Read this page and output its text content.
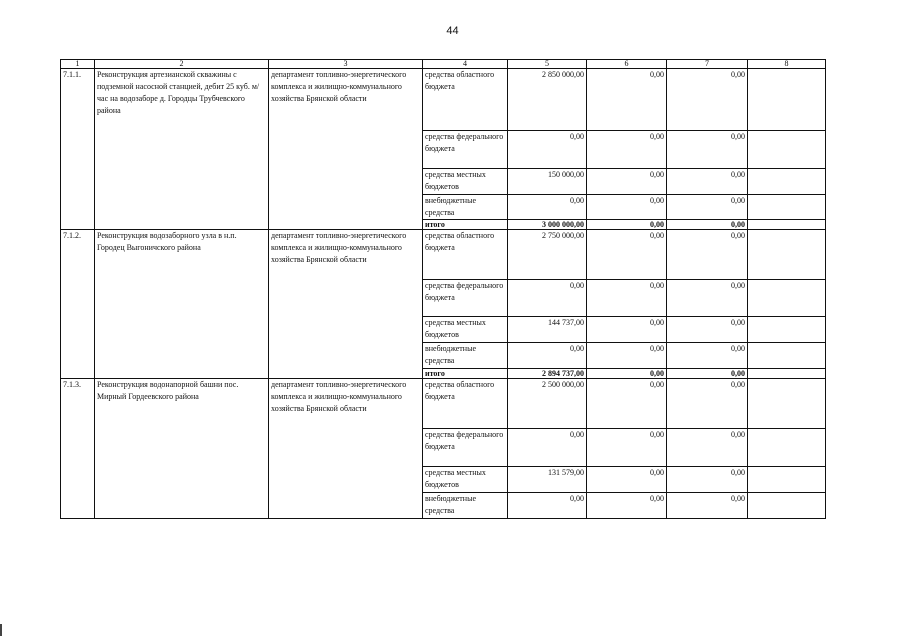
44
1	2	3	4	5	6	7	8
7.1.1.	Реконструкция артезианской скважины с подземной насосной станцией, дебит 25 куб. м/час на водозаборе д. Городцы Трубчевского района	департамент топливно-энергетического комплекса и жилищно-коммунального хозяйства Брянской области	средства областного бюджета	2 850 000,00	0,00	0,00	
			средства федерального бюджета	0,00	0,00	0,00	
			средства местных бюджетов	150 000,00	0,00	0,00	
			внебюджетные средства	0,00	0,00	0,00	
			итого	3 000 000,00	0,00	0,00	
7.1.2.	Реконструкция водозаборного узла в н.п. Городец Выгоничского района	департамент топливно-энергетического комплекса и жилищно-коммунального хозяйства Брянской области	средства областного бюджета	2 750 000,00	0,00	0,00	
			средства федерального бюджета	0,00	0,00	0,00	
			средства местных бюджетов	144 737,00	0,00	0,00	
			внебюджетные средства	0,00	0,00	0,00	
			итого	2 894 737,00	0,00	0,00	
7.1.3.	Реконструкция водонапорной башни пос. Мирный Гордеевского района	департамент топливно-энергетического комплекса и жилищно-коммунального хозяйства Брянской области	средства областного бюджета	2 500 000,00	0,00	0,00	
			средства федерального бюджета	0,00	0,00	0,00	
			средства местных бюджетов	131 579,00	0,00	0,00	
			внебюджетные средства	0,00	0,00	0,00	
